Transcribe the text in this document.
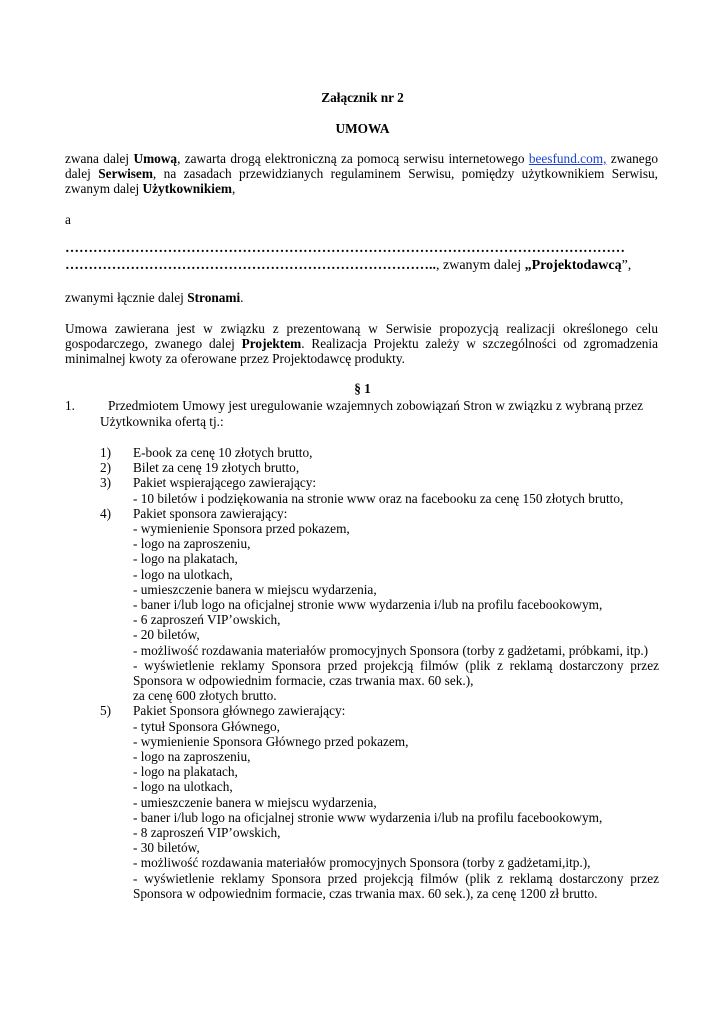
Załącznik nr 2
UMOWA
zwana dalej Umową, zawarta drogą elektroniczną za pomocą serwisu internetowego beesfund.com, zwanego dalej Serwisem, na zasadach przewidzianych regulaminem Serwisu, pomiędzy użytkownikiem Serwisu, zwanym dalej Użytkownikiem,
a
…………………………………………………………………………………………………………
…………………………………………………………………….., zwanym dalej „Projektodawcą”,
zwanymi łącznie dalej Stronami.
Umowa zawierana jest w związku z prezentowaną w Serwisie propozycją realizacji określonego celu gospodarczego, zwanego dalej Projektem. Realizacja Projektu zależy w szczególności od zgromadzenia minimalnej kwoty za oferowane przez Projektodawcę produkty.
§ 1
1. Przedmiotem Umowy jest uregulowanie wzajemnych zobowiązań Stron w związku z wybraną przez
Użytkownika ofertą tj.:
1)	E-book za cenę 10 złotych brutto,
2)	Bilet za cenę 19 złotych brutto,
3)	Pakiet wspierającego zawierający:
- 10 biletów i podziękowania na stronie www oraz na facebooku za cenę 150 złotych brutto,
4)	Pakiet sponsora zawierający:
- wymienienie Sponsora przed pokazem,
- logo na zaproszeniu,
- logo na plakatach,
- logo na ulotkach,
- umieszczenie banera w miejscu wydarzenia,
- baner i/lub logo na oficjalnej stronie www wydarzenia i/lub na profilu facebookowym,
- 6 zaproszeń VIP’owskich,
- 20 biletów,
- możliwość rozdawania materiałów promocyjnych Sponsora (torby z gadżetami, próbkami, itp.)
- wyświetlenie reklamy Sponsora przed projekcją filmów (plik z reklamą dostarczony przez Sponsora w odpowiednim formacie, czas trwania max. 60 sek.),
za cenę 600 złotych brutto.
5)	Pakiet Sponsora głównego zawierający:
- tytuł Sponsora Głównego,
- wymienienie Sponsora Głównego przed pokazem,
- logo na zaproszeniu,
- logo na plakatach,
- logo na ulotkach,
- umieszczenie banera w miejscu wydarzenia,
- baner i/lub logo na oficjalnej stronie www wydarzenia i/lub na profilu facebookowym,
- 8 zaproszeń VIP’owskich,
- 30 biletów,
- możliwość rozdawania materiałów promocyjnych Sponsora (torby z gadżetami,itp.),
- wyświetlenie reklamy Sponsora przed projekcją filmów (plik z reklamą dostarczony przez Sponsora w odpowiednim formacie, czas trwania max. 60 sek.), za cenę 1200 zł brutto.
